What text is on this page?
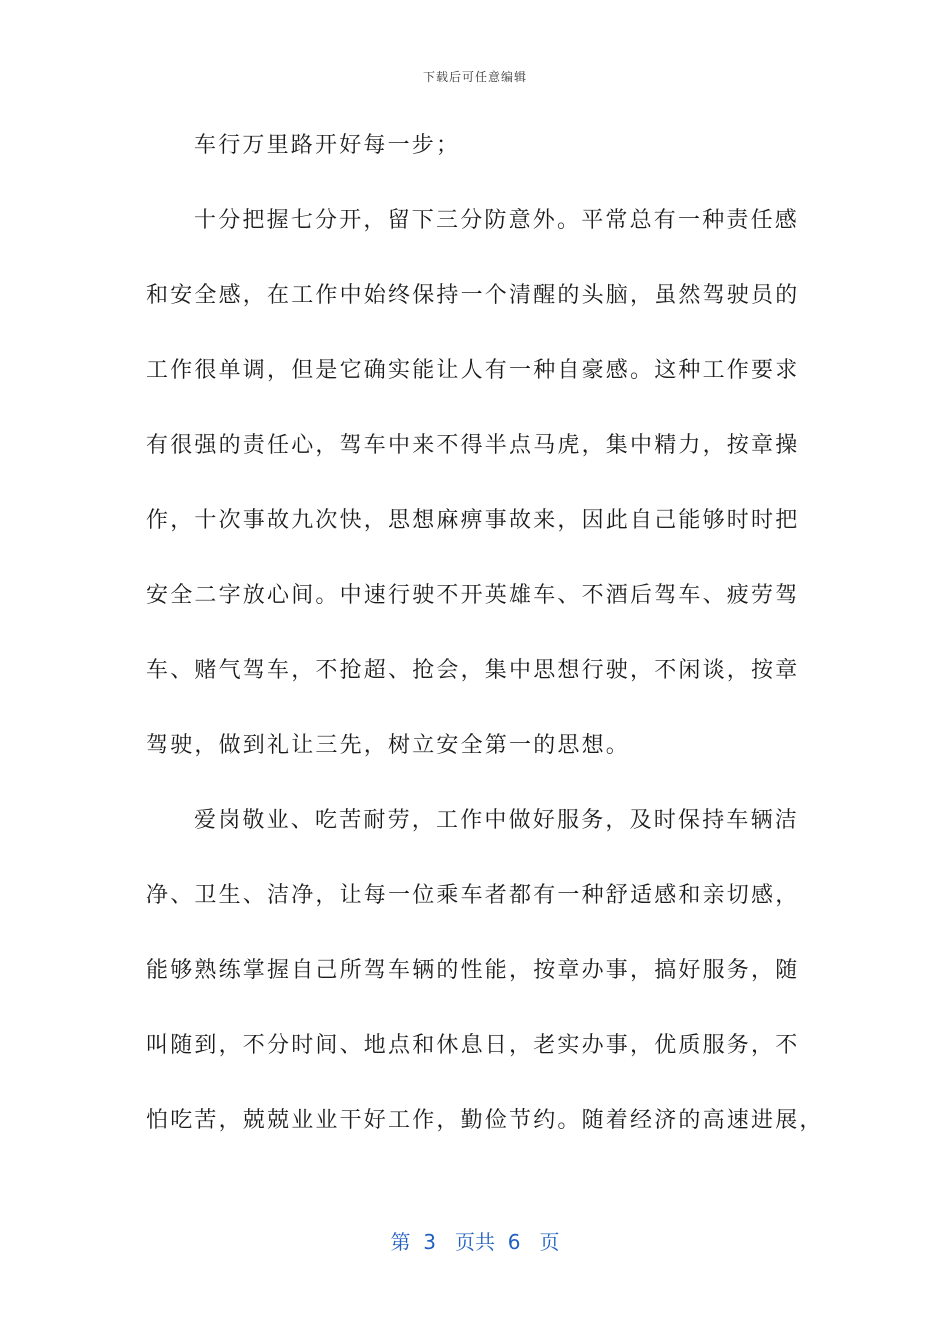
下载后可任意编辑
车行万里路开好每一步；
十分把握七分开，留下三分防意外。平常总有一种责任感
和安全感，在工作中始终保持一个清醒的头脑，虽然驾驶员的
工作很单调，但是它确实能让人有一种自豪感。这种工作要求
有很强的责任心，驾车中来不得半点马虎，集中精力，按章操
作，十次事故九次快，思想麻痹事故来，因此自己能够时时把
安全二字放心间。中速行驶不开英雄车、不酒后驾车、疲劳驾
车、赌气驾车，不抢超、抢会，集中思想行驶，不闲谈，按章
驾驶，做到礼让三先，树立安全第一的思想。
爱岗敬业、吃苦耐劳，工作中做好服务，及时保持车辆洁
净、卫生、洁净，让每一位乘车者都有一种舒适感和亲切感，
能够熟练掌握自己所驾车辆的性能，按章办事，搞好服务，随
叫随到，不分时间、地点和休息日，老实办事，优质服务，不
怕吃苦，兢兢业业干好工作，勤俭节约。随着经济的高速进展，
第  3   页共  6   页
